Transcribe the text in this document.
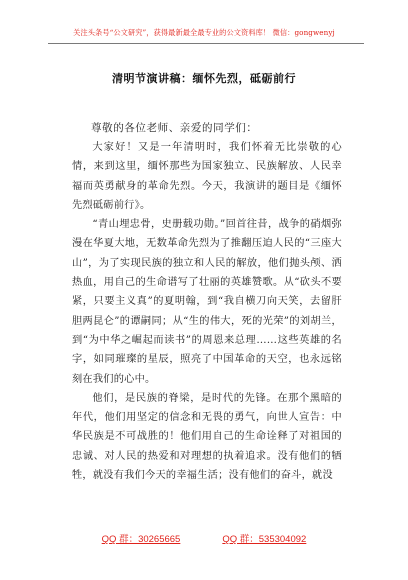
关注头条号“公文研究”，获得最新最全最专业的公文资料库！ 微信：gongwenyj
清明节演讲稿：缅怀先烈，砥砺前行
尊敬的各位老师、亲爱的同学们：

大家好！又是一年清明时，我们怀着无比崇敬的心情，来到这里，缅怀那些为国家独立、民族解放、人民幸福而英勇献身的革命先烈。今天，我演讲的题目是《缅怀先烈砥砺前行》。

“青山埋忠骨，史册载功勋。”回首往昔，战争的硝烟弥漫在华夏大地，无数革命先烈为了推翻压迫人民的“三座大山”，为了实现民族的独立和人民的解放，他们抛头颅、洒热血，用自己的生命谱写了壮丽的英雄赞歌。从“砍头不要紧，只要主义真”的夏明翰，到“我自横刀向天笑，去留肝胆两昆仑”的谭嗣同；从“生的伟大，死的光荣”的刘胡兰，到“为中华之崛起而读书”的周恩来总理……这些英雄的名字，如同璀璨的星辰，照亮了中国革命的天空，也永远铭刻在我们的心中。

他们，是民族的脊梁，是时代的先锋。在那个黑暗的年代，他们用坚定的信念和无畏的勇气，向世人宣告：中华民族是不可战胜的！他们用自己的生命诠释了对祖国的忠诚、对人民的热爱和对理想的执着追求。没有他们的牺牲，就没有我们今天的幸福生活；没有他们的奋斗，就没

QQ 群：30265665	QQ 群：535304092
